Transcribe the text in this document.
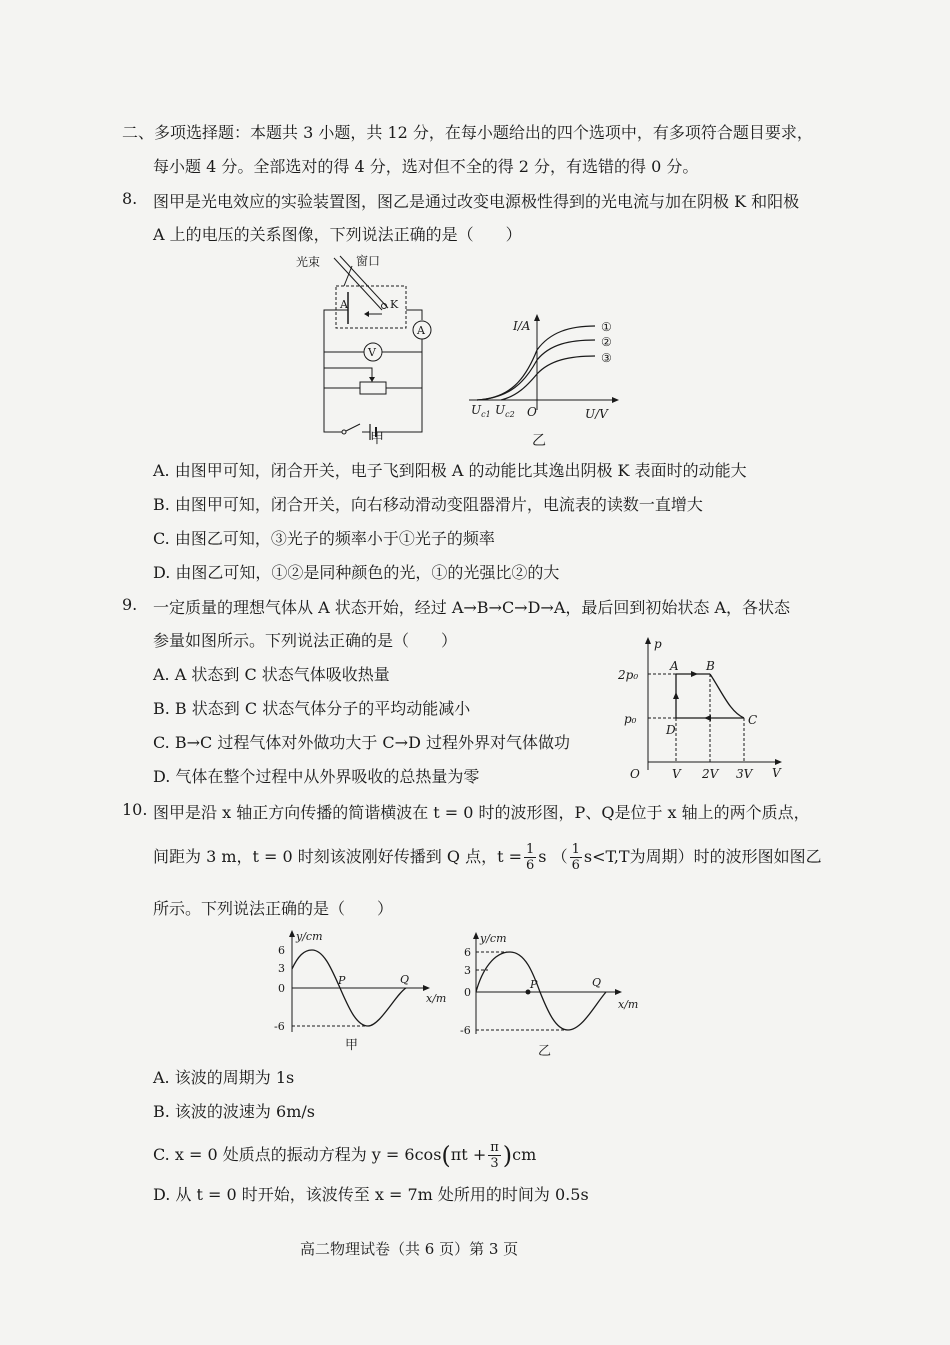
二、多项选择题：本题共 3 小题，共 12 分，在每小题给出的四个选项中，有多项符合题目要求，
每小题 4 分。全部选对的得 4 分，选对但不全的得 2 分，有选错的得 0 分。
8. 图甲是光电效应的实验装置图，图乙是通过改变电源极性得到的光电流与加在阴极 K 和阳极
A 上的电压的关系图像，下列说法正确的是（　　）
光束	窗口
A	K
A
V
甲
I/A
U/V
O
$U_{c1}$ $U_{c2}$
①
②
③
乙
A. 由图甲可知，闭合开关，电子飞到阳极 A 的动能比其逸出阴极 K 表面时的动能大
B. 由图甲可知，闭合开关，向右移动滑动变阻器滑片，电流表的读数一直增大
C. 由图乙可知，③光子的频率小于①光子的频率
D. 由图乙可知，①②是同种颜色的光，①的光强比②的大
9. 一定质量的理想气体从 A 状态开始，经过 A→B→C→D→A，最后回到初始状态 A，各状态
参量如图所示。下列说法正确的是（　　）
A. A 状态到 C 状态气体吸收热量
B. B 状态到 C 状态气体分子的平均动能减小
C. B→C 过程气体对外做功大于 C→D 过程外界对气体做功
D. 气体在整个过程中从外界吸收的总热量为零
p
V
O
2p₀
p₀
V 2V 3V
A B
C
D
10. 图甲是沿 x 轴正方向传播的简谐横波在 t = 0 时的波形图，P、Q是位于 x 轴上的两个质点，
间距为 3 m，t = 0 时刻该波刚好传播到 Q 点，$t = \frac{1}{6}$ s （ $\frac{1}{6} s<T,T$为周期）时的波形图如图乙
所示。下列说法正确的是（　　）
y/cm
x/m
6
3
0
-6
P	Q
甲
y/cm
x/m
6
3
0
-6
P	Q
乙
A. 该波的周期为 1s
B. 该波的波速为 6m/s
C. x = 0 处质点的振动方程为 $y = 6\cos(\pi t + \frac{\pi}{3} )cm$
D. 从 t = 0 时开始，该波传至 x = 7m 处所用的时间为 0.5s
高二物理试卷（共 6 页）第 3 页
